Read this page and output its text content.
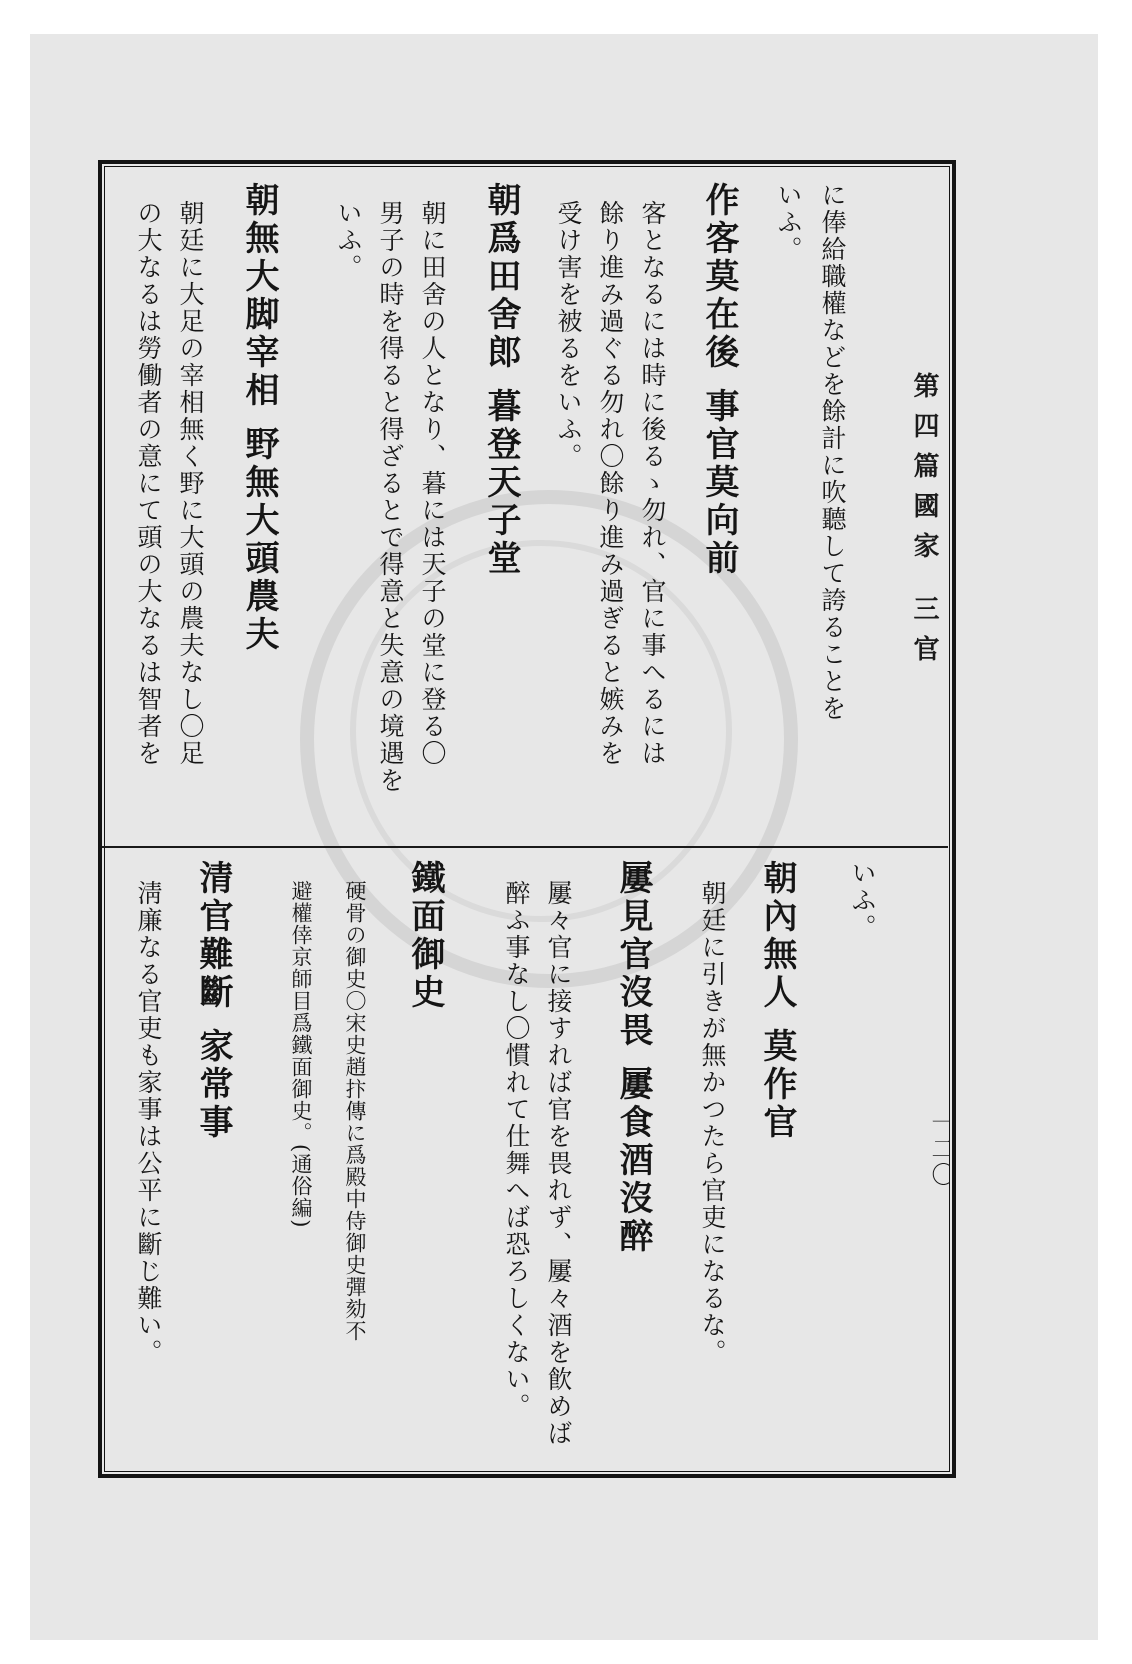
第四篇國家 三官
一二〇
に俸給職權などを餘計に吹聽して誇ることを
いふ。
作客莫在後 事官莫向前
客となるには時に後るゝ勿れ、官に事へるには
餘り進み過ぐる勿れ〇餘り進み過ぎると嫉みを
受け害を被るをいふ。
朝爲田舍郎 暮登天子堂
朝に田舍の人となり、暮には天子の堂に登る〇
男子の時を得ると得ざるとで得意と失意の境遇を
いふ。
朝無大脚宰相 野無大頭農夫
朝廷に大足の宰相無く野に大頭の農夫なし〇足
の大なるは勞働者の意にて頭の大なるは智者を
いふ。
朝內無人 莫作官
朝廷に引きが無かつたら官吏になるな。
屢見官沒畏 屢食酒沒醉
屢々官に接すれば官を畏れず、屢々酒を飮めば
醉ふ事なし〇慣れて仕舞へば恐ろしくない。
鐵面御史
硬骨の御史〇宋史趙抃傳に爲殿中侍御史彈劾不
避權倖京師目爲鐵面御史。(通俗編)
清官難斷 家常事
淸廉なる官吏も家事は公平に斷じ難い。
